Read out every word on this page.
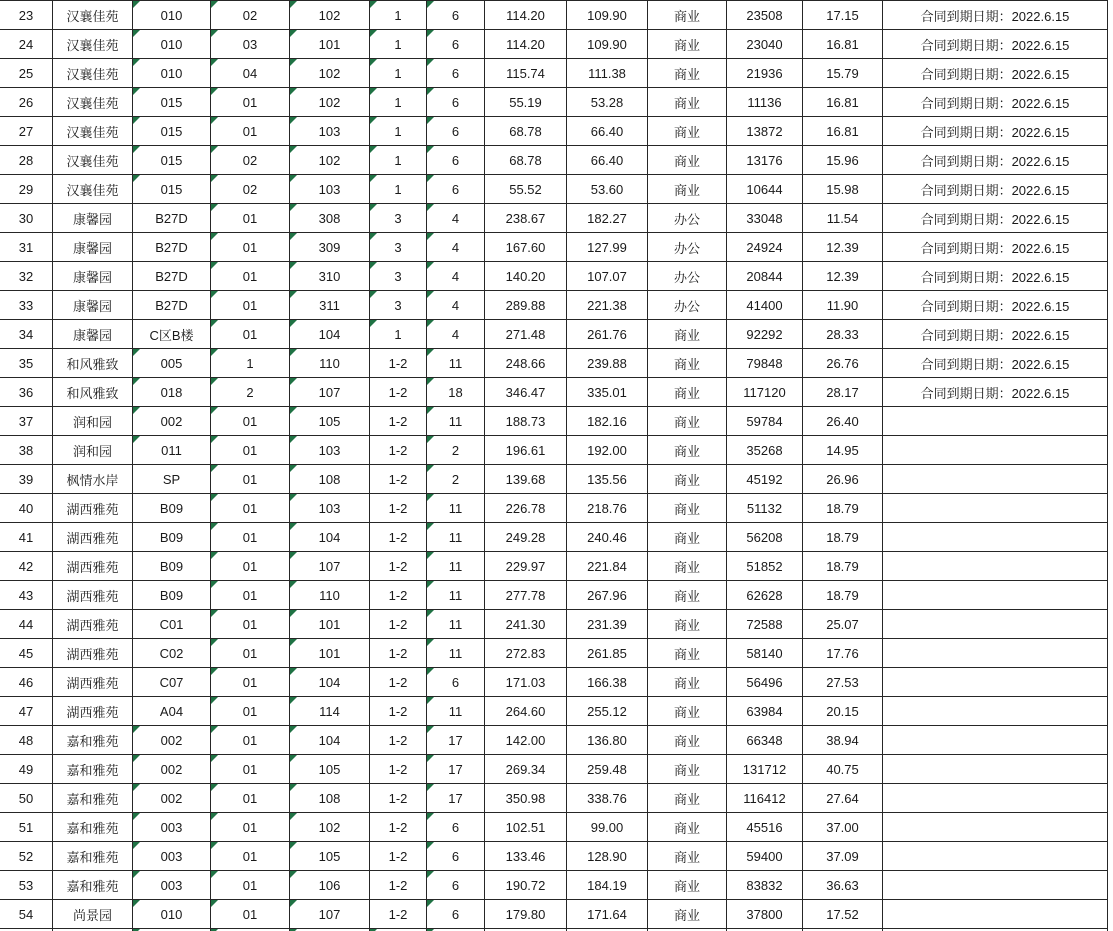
23	汉襄佳苑	010	02	102	1	6	114.20	109.90	商业	23508	17.15	合同到期日期：2022.6.15
24	汉襄佳苑	010	03	101	1	6	114.20	109.90	商业	23040	16.81	合同到期日期：2022.6.15
25	汉襄佳苑	010	04	102	1	6	115.74	111.38	商业	21936	15.79	合同到期日期：2022.6.15
26	汉襄佳苑	015	01	102	1	6	55.19	53.28	商业	11136	16.81	合同到期日期：2022.6.15
27	汉襄佳苑	015	01	103	1	6	68.78	66.40	商业	13872	16.81	合同到期日期：2022.6.15
28	汉襄佳苑	015	02	102	1	6	68.78	66.40	商业	13176	15.96	合同到期日期：2022.6.15
29	汉襄佳苑	015	02	103	1	6	55.52	53.60	商业	10644	15.98	合同到期日期：2022.6.15
30	康馨园	B27D	01	308	3	4	238.67	182.27	办公	33048	11.54	合同到期日期：2022.6.15
31	康馨园	B27D	01	309	3	4	167.60	127.99	办公	24924	12.39	合同到期日期：2022.6.15
32	康馨园	B27D	01	310	3	4	140.20	107.07	办公	20844	12.39	合同到期日期：2022.6.15
33	康馨园	B27D	01	311	3	4	289.88	221.38	办公	41400	11.90	合同到期日期：2022.6.15
34	康馨园	C区B楼	01	104	1	4	271.48	261.76	商业	92292	28.33	合同到期日期：2022.6.15
35	和风雅致	005	1	110	1-2	11	248.66	239.88	商业	79848	26.76	合同到期日期：2022.6.15
36	和风雅致	018	2	107	1-2	18	346.47	335.01	商业	117120	28.17	合同到期日期：2022.6.15
37	润和园	002	01	105	1-2	11	188.73	182.16	商业	59784	26.40
38	润和园	011	01	103	1-2	2	196.61	192.00	商业	35268	14.95
39	枫情水岸	SP	01	108	1-2	2	139.68	135.56	商业	45192	26.96
40	湖西雅苑	B09	01	103	1-2	11	226.78	218.76	商业	51132	18.79
41	湖西雅苑	B09	01	104	1-2	11	249.28	240.46	商业	56208	18.79
42	湖西雅苑	B09	01	107	1-2	11	229.97	221.84	商业	51852	18.79
43	湖西雅苑	B09	01	110	1-2	11	277.78	267.96	商业	62628	18.79
44	湖西雅苑	C01	01	101	1-2	11	241.30	231.39	商业	72588	25.07
45	湖西雅苑	C02	01	101	1-2	11	272.83	261.85	商业	58140	17.76
46	湖西雅苑	C07	01	104	1-2	6	171.03	166.38	商业	56496	27.53
47	湖西雅苑	A04	01	114	1-2	11	264.60	255.12	商业	63984	20.15
48	嘉和雅苑	002	01	104	1-2	17	142.00	136.80	商业	66348	38.94
49	嘉和雅苑	002	01	105	1-2	17	269.34	259.48	商业	131712	40.75
50	嘉和雅苑	002	01	108	1-2	17	350.98	338.76	商业	116412	27.64
51	嘉和雅苑	003	01	102	1-2	6	102.51	99.00	商业	45516	37.00
52	嘉和雅苑	003	01	105	1-2	6	133.46	128.90	商业	59400	37.09
53	嘉和雅苑	003	01	106	1-2	6	190.72	184.19	商业	83832	36.63
54	尚景园	010	01	107	1-2	6	179.80	171.64	商业	37800	17.52
